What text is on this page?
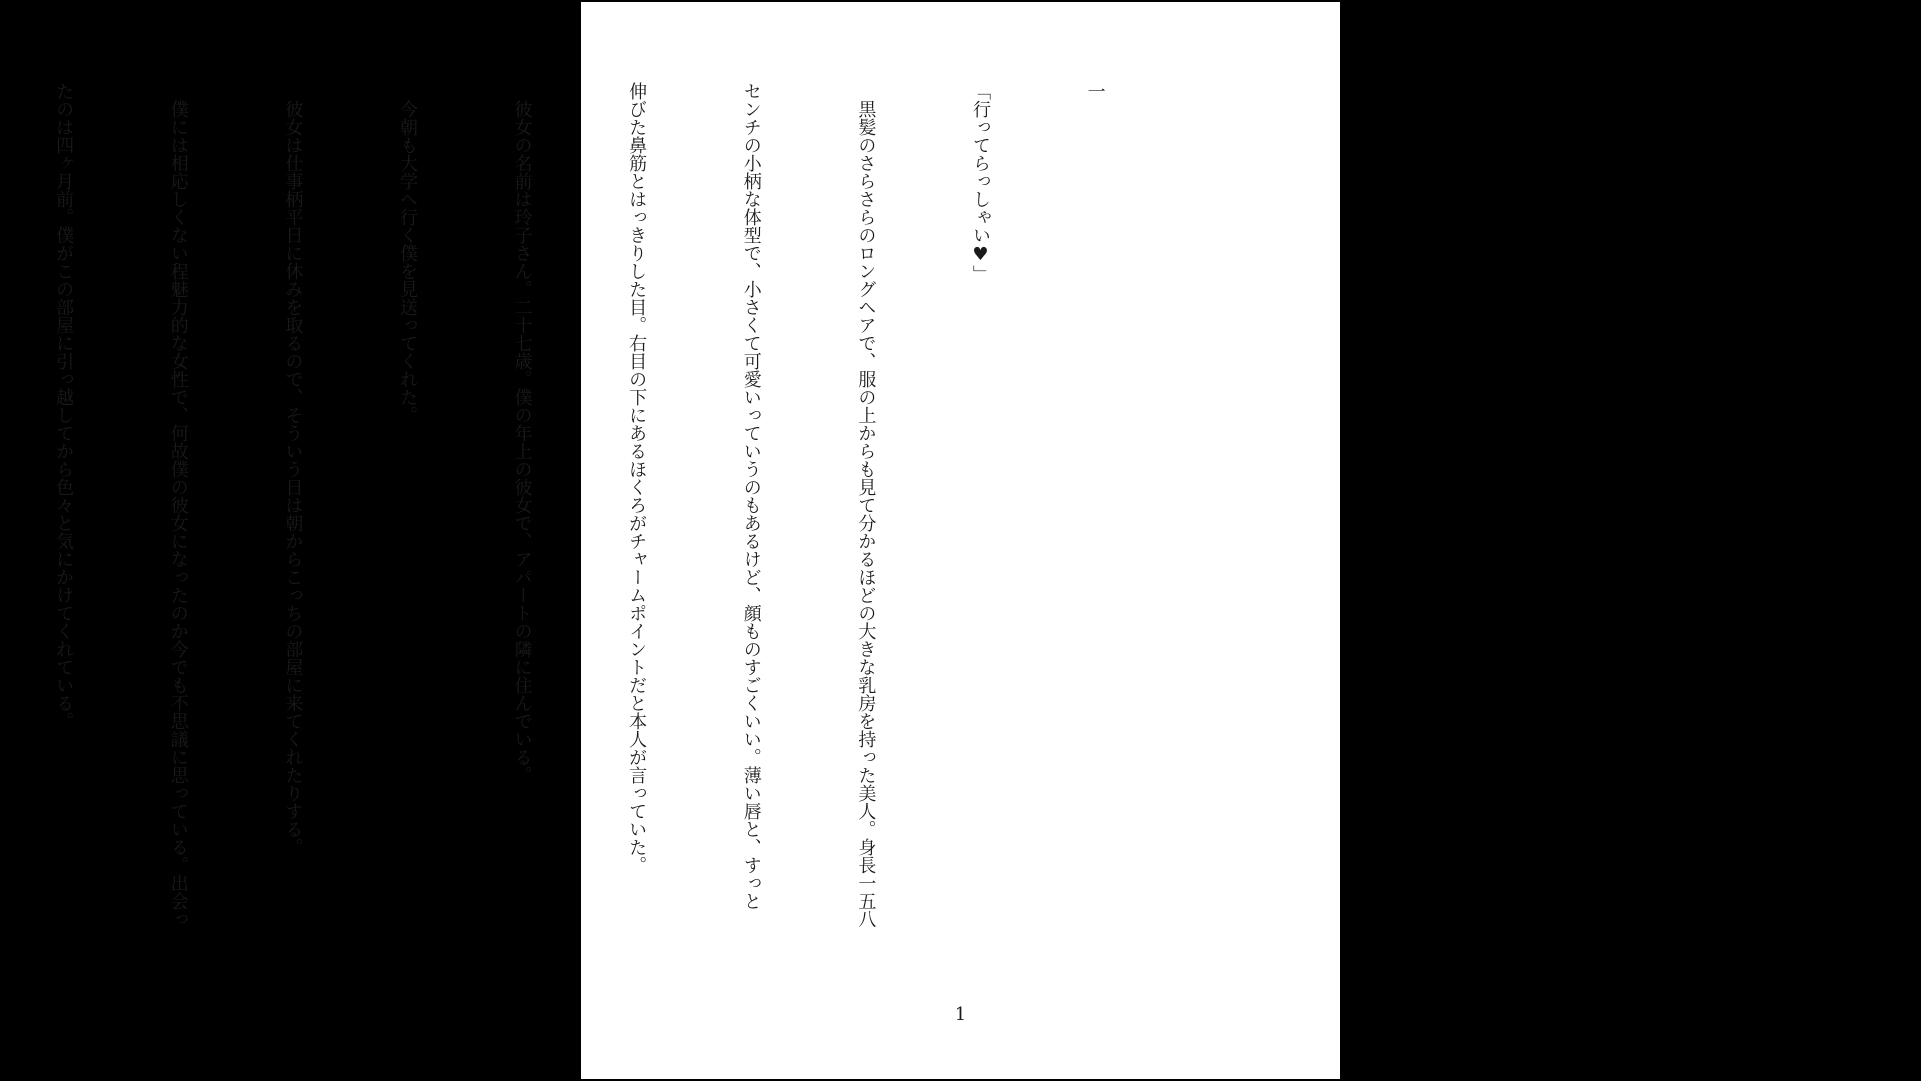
一

「行ってらっしゃい♥」

　黒髪のさらさらのロングヘアで、服の上からも見て分かるほどの大きな乳房を持った美人。身長一五八

センチの小柄な体型で、小さくて可愛いっていうのもあるけど、顔ものすごくいい。薄い唇と、すっと

伸びた鼻筋とはっきりした目。右目の下にあるほくろがチャームポイントだと本人が言っていた。

　彼女の名前は玲子さん。二十七歳。僕の年上の彼女で、アパートの隣に住んでいる。

　今朝も大学へ行く僕を見送ってくれた。

　彼女は仕事柄平日に休みを取るので、そういう日は朝からこっちの部屋に来てくれたりする。

　僕には相応しくない程魅力的な女性で、何故僕の彼女になったのか今でも不思議に思っている。出会っ

たのは四ヶ月前。僕がこの部屋に引っ越してから色々と気にかけてくれている。

1
